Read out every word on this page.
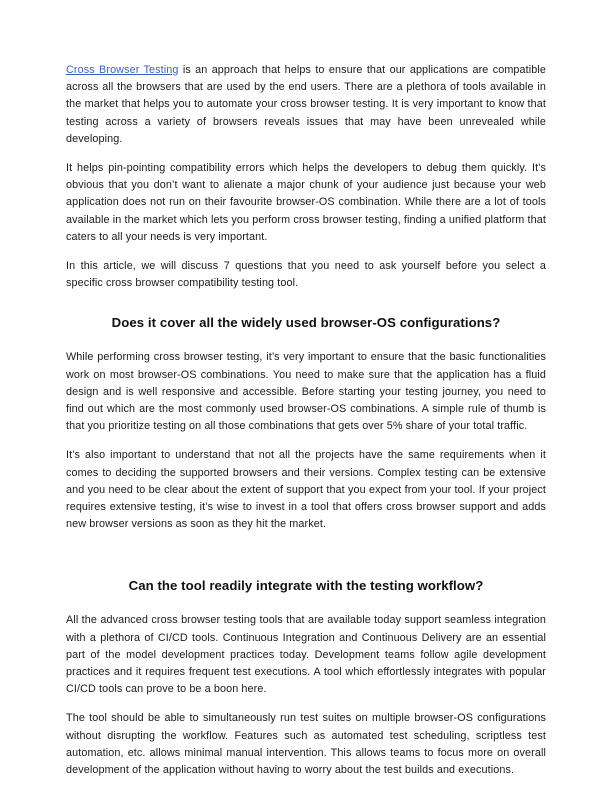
Cross Browser Testing is an approach that helps to ensure that our applications are compatible across all the browsers that are used by the end users. There are a plethora of tools available in the market that helps you to automate your cross browser testing. It is very important to know that testing across a variety of browsers reveals issues that may have been unrevealed while developing.

It helps pin-pointing compatibility errors which helps the developers to debug them quickly. It’s obvious that you don’t want to alienate a major chunk of your audience just because your web application does not run on their favourite browser-OS combination. While there are a lot of tools available in the market which lets you perform cross browser testing, finding a unified platform that caters to all your needs is very important.

In this article, we will discuss 7 questions that you need to ask yourself before you select a specific cross browser compatibility testing tool.

Does it cover all the widely used browser-OS configurations?

While performing cross browser testing, it’s very important to ensure that the basic functionalities work on most browser-OS combinations. You need to make sure that the application has a fluid design and is well responsive and accessible. Before starting your testing journey, you need to find out which are the most commonly used browser-OS combinations. A simple rule of thumb is that you prioritize testing on all those combinations that gets over 5% share of your total traffic.

It’s also important to understand that not all the projects have the same requirements when it comes to deciding the supported browsers and their versions. Complex testing can be extensive and you need to be clear about the extent of support that you expect from your tool. If your project requires extensive testing, it’s wise to invest in a tool that offers cross browser support and adds new browser versions as soon as they hit the market.

Can the tool readily integrate with the testing workflow?

All the advanced cross browser testing tools that are available today support seamless integration with a plethora of CI/CD tools. Continuous Integration and Continuous Delivery are an essential part of the model development practices today. Development teams follow agile development practices and it requires frequent test executions. A tool which effortlessly integrates with popular CI/CD tools can prove to be a boon here.

The tool should be able to simultaneously run test suites on multiple browser-OS configurations without disrupting the workflow. Features such as automated test scheduling, scriptless test automation, etc. allows minimal manual intervention. This allows teams to focus more on overall development of the application without having to worry about the test builds and executions.
